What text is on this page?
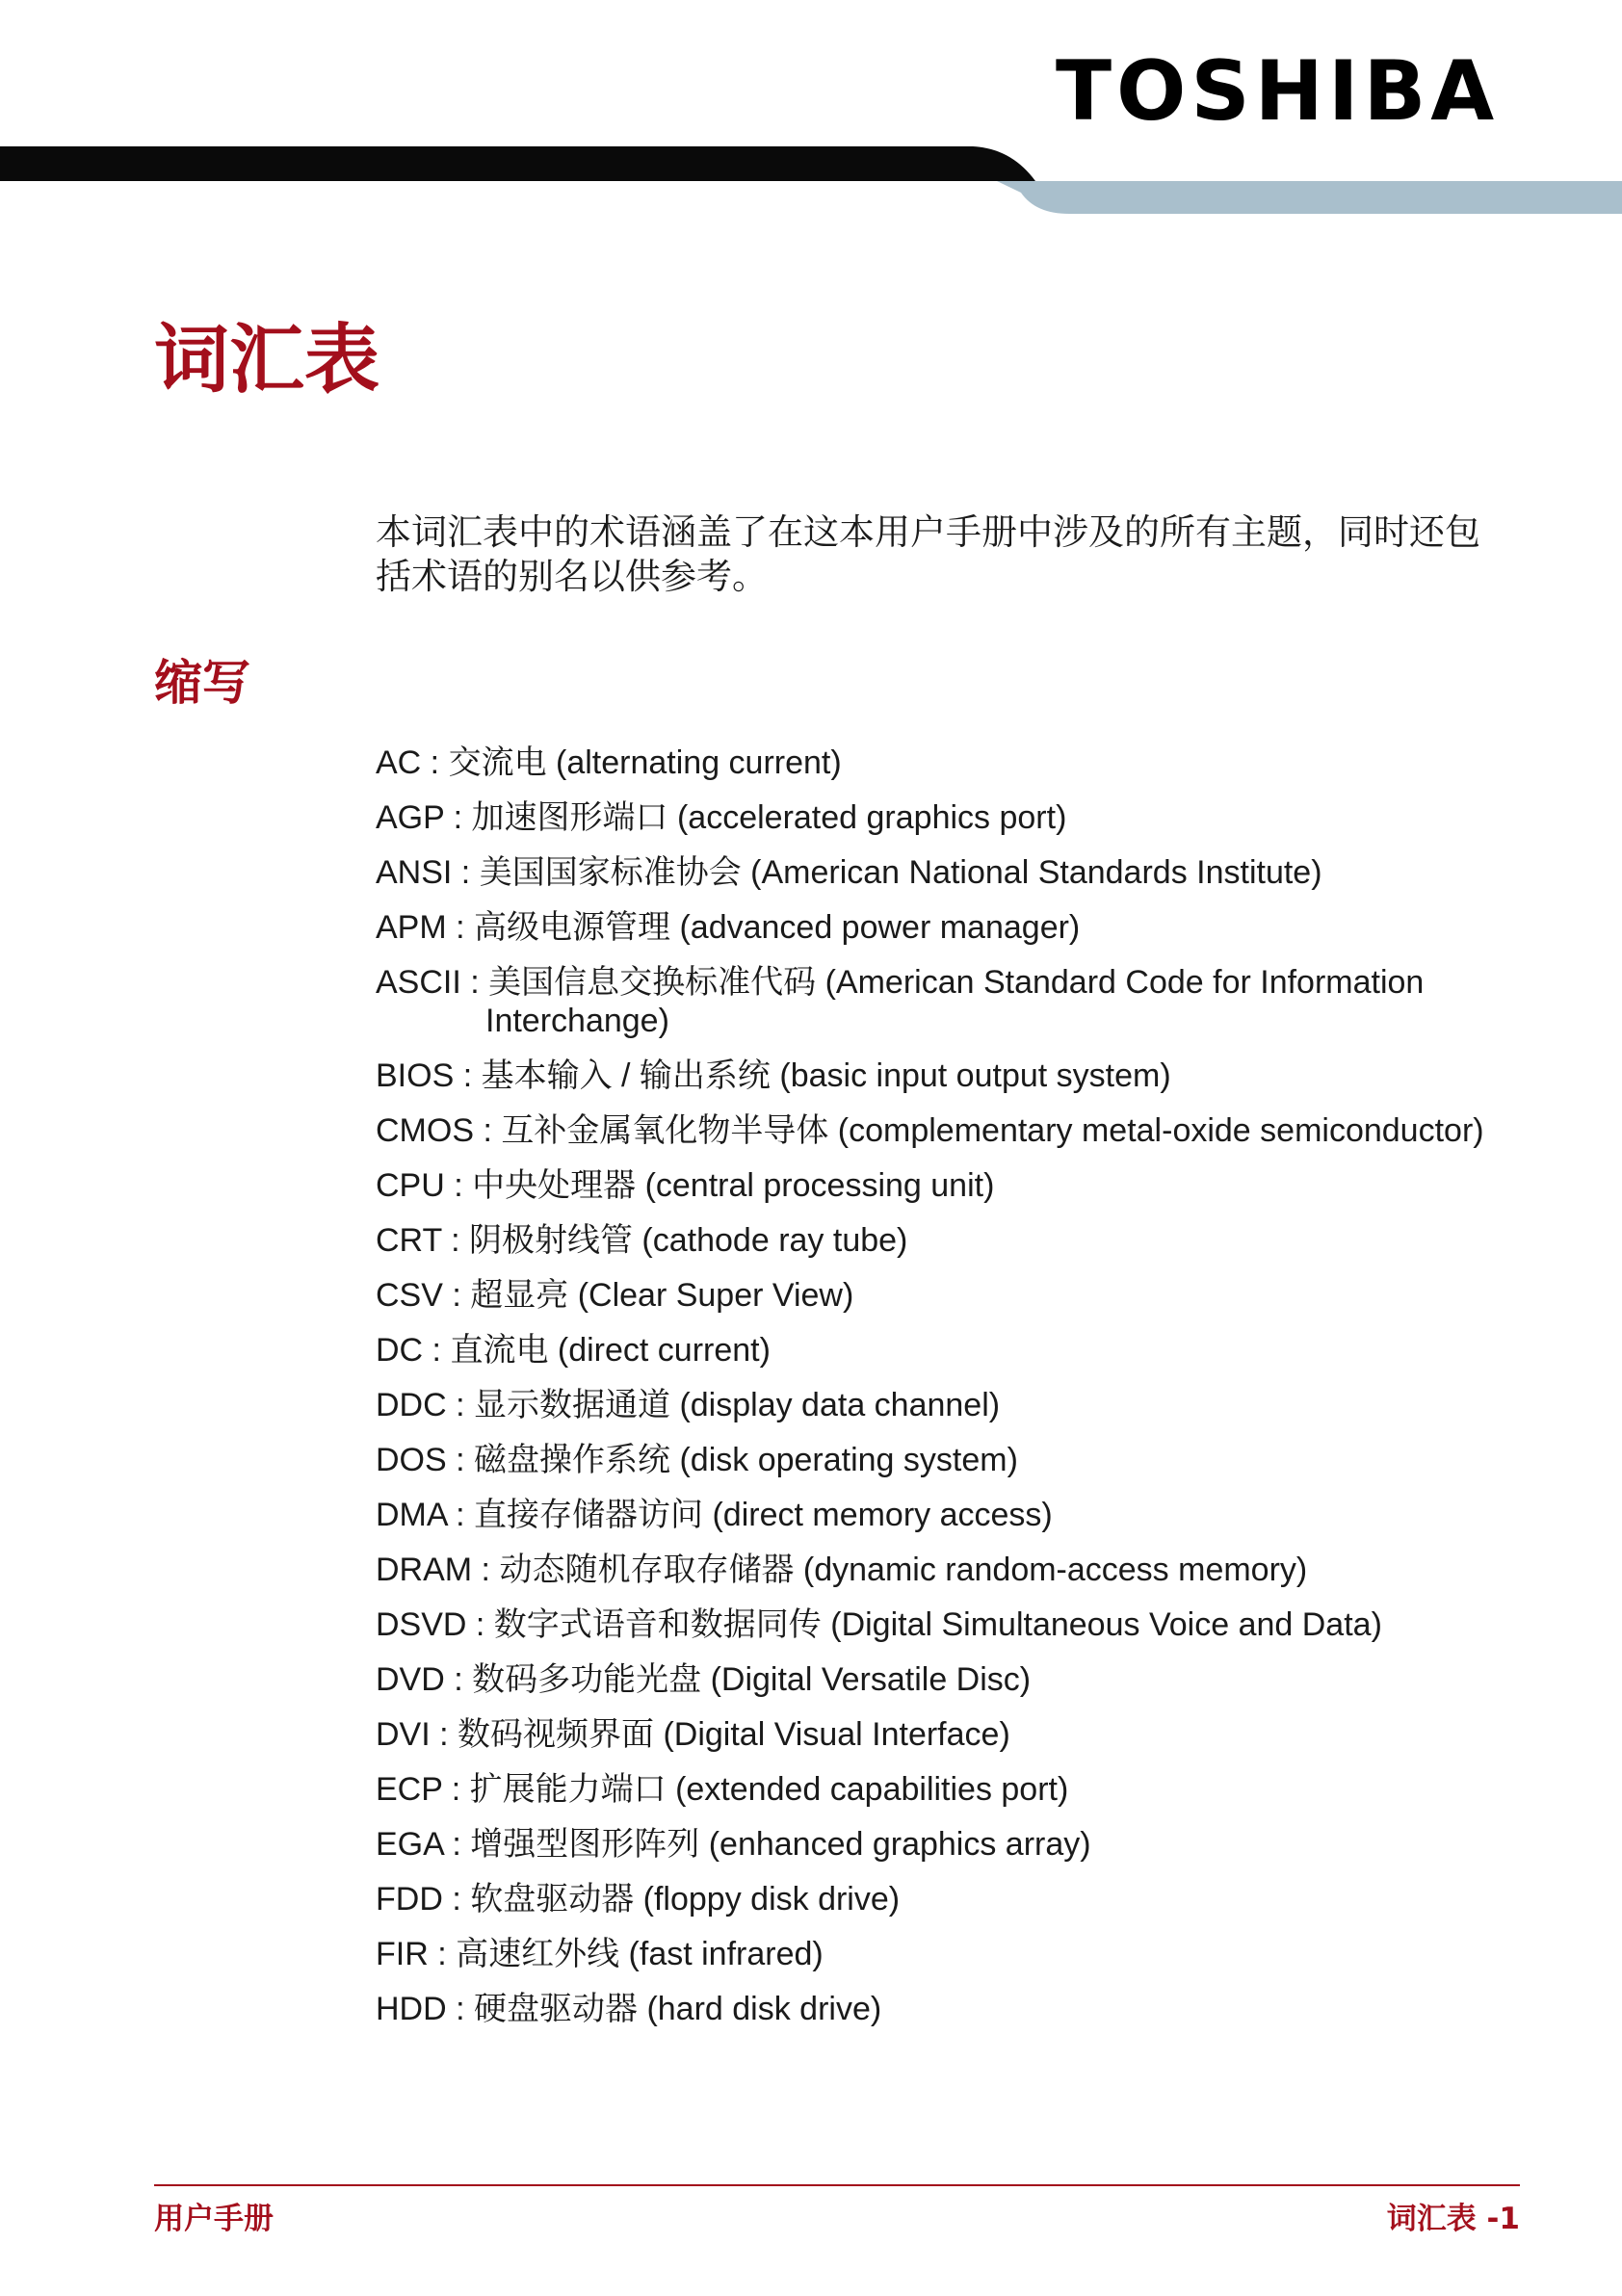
TOSHIBA
词汇表

本词汇表中的术语涵盖了在这本用户手册中涉及的所有主题，同时还包括术语的别名以供参考。

缩写
AC : 交流电 (alternating current)
AGP : 加速图形端口 (accelerated graphics port)
ANSI : 美国国家标准协会 (American National Standards Institute)
APM : 高级电源管理 (advanced power manager)
ASCII : 美国信息交换标准代码 (American Standard Code for Information Interchange)
BIOS : 基本输入 / 输出系统 (basic input output system)
CMOS : 互补金属氧化物半导体 (complementary metal-oxide semiconductor)
CPU : 中央处理器 (central processing unit)
CRT : 阴极射线管 (cathode ray tube)
CSV : 超显亮 (Clear Super View)
DC : 直流电 (direct current)
DDC : 显示数据通道 (display data channel)
DOS : 磁盘操作系统 (disk operating system)
DMA : 直接存储器访问 (direct memory access)
DRAM : 动态随机存取存储器 (dynamic random-access memory)
DSVD : 数字式语音和数据同传 (Digital Simultaneous Voice and Data)
DVD : 数码多功能光盘 (Digital Versatile Disc)
DVI : 数码视频界面 (Digital Visual Interface)
ECP : 扩展能力端口 (extended capabilities port)
EGA : 增强型图形阵列 (enhanced graphics array)
FDD : 软盘驱动器 (floppy disk drive)
FIR : 高速红外线 (fast infrared)
HDD : 硬盘驱动器 (hard disk drive)
用户手册	词汇表 -1
